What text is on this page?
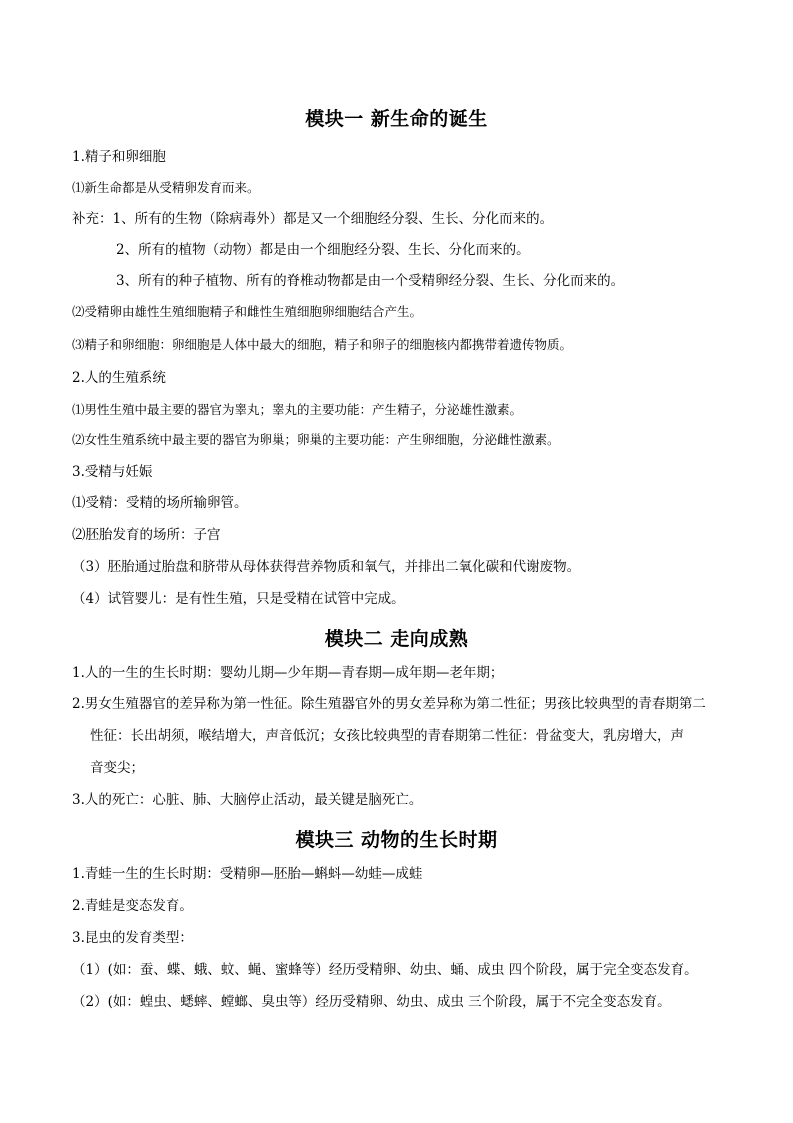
模块一 新生命的诞生
1.精子和卵细胞
⑴新生命都是从受精卵发育而来。
补充：1、所有的生物（除病毒外）都是又一个细胞经分裂、生长、分化而来的。
2、所有的植物（动物）都是由一个细胞经分裂、生长、分化而来的。
3、所有的种子植物、所有的脊椎动物都是由一个受精卵经分裂、生长、分化而来的。
⑵受精卵由雄性生殖细胞精子和雌性生殖细胞卵细胞结合产生。
⑶精子和卵细胞：卵细胞是人体中最大的细胞，精子和卵子的细胞核内都携带着遗传物质。
2.人的生殖系统
⑴男性生殖中最主要的器官为睾丸；睾丸的主要功能：产生精子，分泌雄性激素。
⑵女性生殖系统中最主要的器官为卵巢；卵巢的主要功能：产生卵细胞，分泌雌性激素。
3.受精与妊娠
⑴受精：受精的场所输卵管。
⑵胚胎发育的场所：子宫
（3）胚胎通过胎盘和脐带从母体获得营养物质和氧气，并排出二氧化碳和代谢废物。
（4）试管婴儿：是有性生殖，只是受精在试管中完成。
模块二 走向成熟
1.人的一生的生长时期：婴幼儿期—少年期—青春期—成年期—老年期；
2.男女生殖器官的差异称为第一性征。除生殖器官外的男女差异称为第二性征；男孩比较典型的青春期第二
性征：长出胡须，喉结增大，声音低沉；女孩比较典型的青春期第二性征：骨盆变大，乳房增大，声
音变尖；
3.人的死亡：心脏、肺、大脑停止活动，最关键是脑死亡。
模块三 动物的生长时期
1.青蛙一生的生长时期：受精卵—胚胎—蝌蚪—幼蛙—成蛙
2.青蛙是变态发育。
3.昆虫的发育类型：
（1）(如：蚕、蝶、蛾、蚊、蝇、蜜蜂等）经历受精卵、幼虫、蛹、成虫 四个阶段，属于完全变态发育。
（2）(如：蝗虫、蟋蟀、螳螂、臭虫等）经历受精卵、幼虫、成虫 三个阶段，属于不完全变态发育。
